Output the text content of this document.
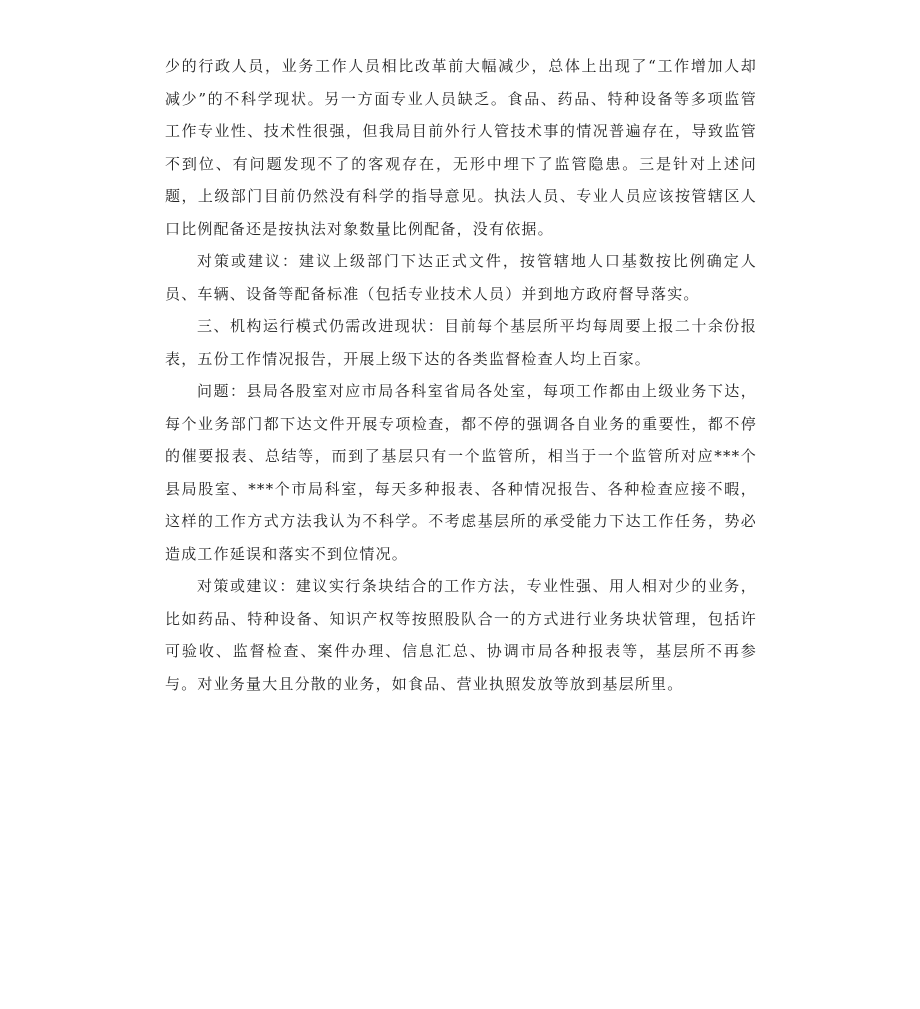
少的行政人员，业务工作人员相比改革前大幅减少，总体上出现了“工作增加人却减少”的不科学现状。另一方面专业人员缺乏。食品、药品、特种设备等多项监管工作专业性、技术性很强，但我局目前外行人管技术事的情况普遍存在，导致监管不到位、有问题发现不了的客观存在，无形中埋下了监管隐患。三是针对上述问题，上级部门目前仍然没有科学的指导意见。执法人员、专业人员应该按管辖区人口比例配备还是按执法对象数量比例配备，没有依据。

对策或建议：建议上级部门下达正式文件，按管辖地人口基数按比例确定人员、车辆、设备等配备标准（包括专业技术人员）并到地方政府督导落实。

三、机构运行模式仍需改进现状：目前每个基层所平均每周要上报二十余份报表，五份工作情况报告，开展上级下达的各类监督检查人均上百家。

问题：县局各股室对应市局各科室省局各处室，每项工作都由上级业务下达，每个业务部门都下达文件开展专项检查，都不停的强调各自业务的重要性，都不停的催要报表、总结等，而到了基层只有一个监管所，相当于一个监管所对应***个县局股室、***个市局科室，每天多种报表、各种情况报告、各种检查应接不暇，这样的工作方式方法我认为不科学。不考虑基层所的承受能力下达工作任务，势必造成工作延误和落实不到位情况。

对策或建议：建议实行条块结合的工作方法，专业性强、用人相对少的业务，比如药品、特种设备、知识产权等按照股队合一的方式进行业务块状管理，包括许可验收、监督检查、案件办理、信息汇总、协调市局各种报表等，基层所不再参与。对业务量大且分散的业务，如食品、营业执照发放等放到基层所里。
